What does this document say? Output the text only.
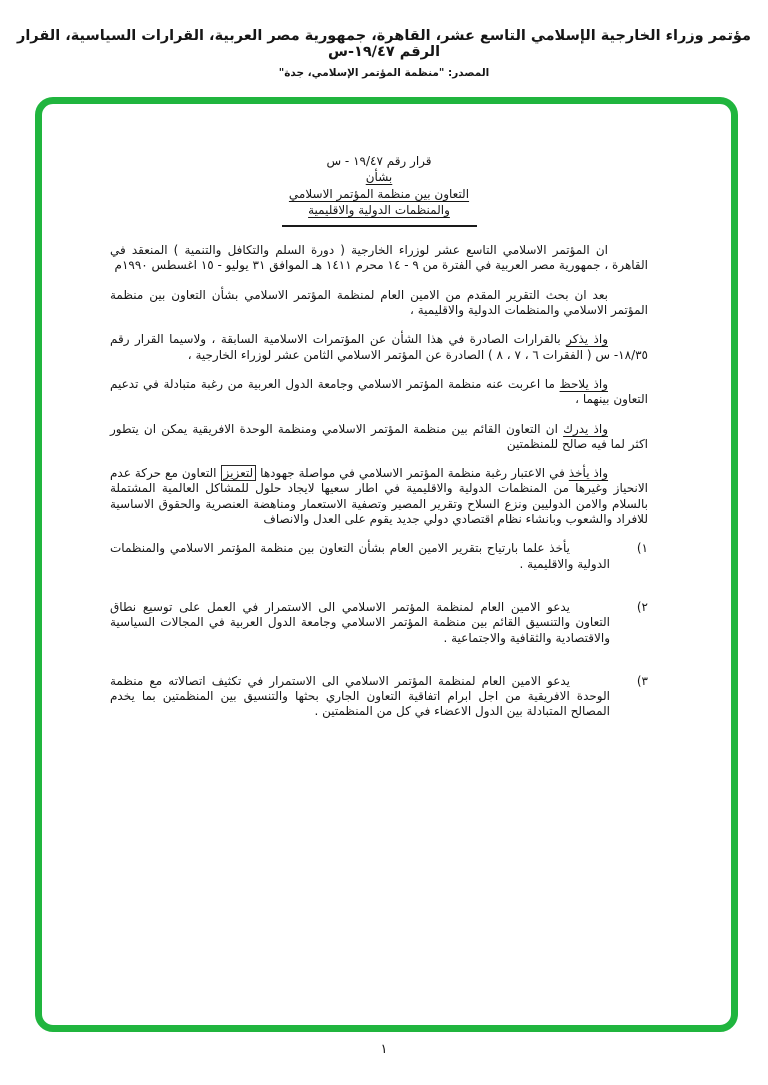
مؤتمر وزراء الخارجية الإسلامي التاسع عشر، القاهرة، جمهورية مصر العربية، القرارات السياسية، القرار الرقم ١٩/٤٧-س
المصدر: "منظمة المؤتمر الإسلامي، جدة"
قرار رقم ١٩/٤٧ - س
بشأن
التعاون بين منظمة المؤتمر الاسلامي
والمنظمات الدولية والاقليمية

ان المؤتمر الاسلامي التاسع عشر لوزراء الخارجية ( دورة السلم والتكافل والتنمية ) المنعقد في القاهرة ، جمهورية مصر العربية في الفترة من ٩ - ١٤ محرم ١٤١١ هـ الموافق ٣١ يوليو - ١٥ اغسطس ١٩٩٠م

بعد ان بحث التقرير المقدم من الامين العام لمنظمة المؤتمر الاسلامي بشأن التعاون بين منظمة المؤتمر الاسلامي والمنظمات الدولية والاقليمية ،

واذ يذكر بالقرارات الصادرة في هذا الشأن عن المؤتمرات الاسلامية السابقة ، ولاسيما القرار رقم ١٨/٣٥- س ( الفقرات ٦ ، ٧ ، ٨ ) الصادرة عن المؤتمر الاسلامي الثامن عشر لوزراء الخارجية ،

واذ يلاحظ ما اعربت عنه منظمة المؤتمر الاسلامي وجامعة الدول العربية من رغبة متبادلة في تدعيم التعاون بينهما ،

واذ يدرك ان التعاون القائم بين منظمة المؤتمر الاسلامي ومنظمة الوحدة الافريقية يمكن ان يتطور اكثر لما فيه صالح للمنظمتين

واذ يأخذ في الاعتبار رغبة منظمة المؤتمر الاسلامي في مواصلة جهودها لتعزيز التعاون مع حركة عدم الانحياز وغيرها من المنظمات الدولية والاقليمية في اطار سعيها لايجاد حلول للمشاكل العالمية المشتملة بالسلام والامن الدوليين ونزع السلاح وتقرير المصير وتصفية الاستعمار ومناهضة العنصرية والحقوق الاساسية للافراد والشعوب وبانشاء نظام اقتصادي دولي جديد يقوم على العدل والانصاف

١)

يأخذ علما بارتياح بتقرير الامين العام بشأن التعاون بين منظمة المؤتمر الاسلامي والمنظمات الدولية والاقليمية .

٢)

يدعو الامين العام لمنظمة المؤتمر الاسلامي الى الاستمرار في العمل على توسيع نطاق التعاون والتنسيق القائم بين منظمة المؤتمر الاسلامي وجامعة الدول العربية في المجالات السياسية والاقتصادية والثقافية والاجتماعية .

٣)

يدعو الامين العام لمنظمة المؤتمر الاسلامي الى الاستمرار في تكثيف اتصالاته مع منظمة الوحدة الافريقية من اجل ابرام اتفاقية التعاون الجاري بحثها والتنسيق بين المنظمتين بما يخدم المصالح المتبادلة بين الدول الاعضاء في كل من المنظمتين .

١
